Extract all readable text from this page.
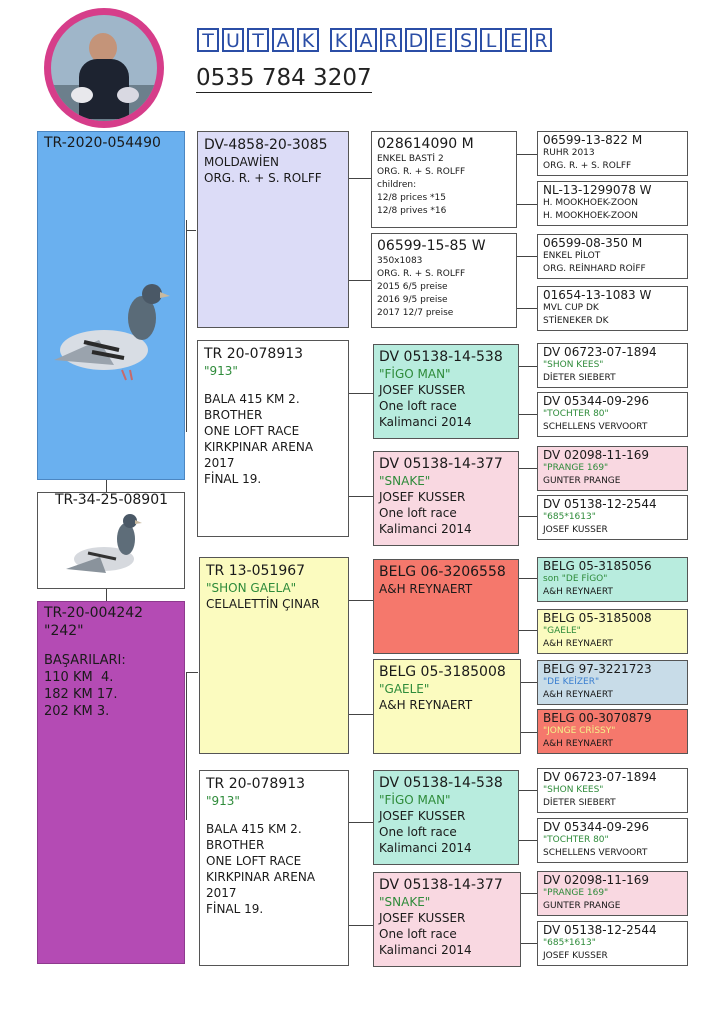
T U T A K K A R D E S L E R
0535 784 3207
TR-2020-054490
TR-34-25-08901
TR-20-004242
"242"
BAŞARILARI:
110 KM  4.
182 KM 17.
202 KM 3.
DV-4858-20-3085
MOLDAWİEN
ORG. R. + S. ROLFF
TR 20-078913
"913"
BALA 415 KM 2.
BROTHER
ONE LOFT RACE
KIRKPINAR ARENA
2017
FİNAL 19.
TR 13-051967
"SHON GAELA"
CELALETTİN ÇINAR
TR 20-078913
"913"
BALA 415 KM 2.
BROTHER
ONE LOFT RACE
KIRKPINAR ARENA
2017
FİNAL 19.
028614090 M
ENKEL BASTİ 2
ORG. R. + S. ROLFF
children:
12/8 prices *15
12/8 prives *16
06599-15-85 W
350x1083
ORG. R. + S. ROLFF
2015 6/5 preise
2016 9/5 preise
2017 12/7 preise
DV 05138-14-538
"FİGO MAN"
JOSEF KUSSER
One loft race
Kalimanci 2014
DV 05138-14-377
"SNAKE"
JOSEF KUSSER
One loft race
Kalimanci 2014
BELG 06-3206558
A&H REYNAERT
BELG 05-3185008
"GAELE"
A&H REYNAERT
DV 05138-14-538
"FİGO MAN"
JOSEF KUSSER
One loft race
Kalimanci 2014
DV 05138-14-377
"SNAKE"
JOSEF KUSSER
One loft race
Kalimanci 2014
06599-13-822 M
RUHR 2013
ORG. R. + S. ROLFF
NL-13-1299078 W
H. MOOKHOEK-ZOON
H. MOOKHOEK-ZOON
06599-08-350 M
ENKEL PİLOT
ORG. REİNHARD ROİFF
01654-13-1083 W
MVL CUP DK
STİENEKER DK
DV 06723-07-1894
"SHON KEES"
DİETER SIEBERT
DV 05344-09-296
"TOCHTER 80"
SCHELLENS VERVOORT
DV 02098-11-169
"PRANGE 169"
GUNTER PRANGE
DV 05138-12-2544
"685*1613"
JOSEF KUSSER
BELG 05-3185056
son "DE FİGO"
A&H REYNAERT
BELG 05-3185008
"GAELE"
A&H REYNAERT
BELG 97-3221723
"DE KEİZER"
A&H REYNAERT
BELG 00-3070879
"JONGE CRİSSY"
A&H REYNAERT
DV 06723-07-1894
"SHON KEES"
DİETER SIEBERT
DV 05344-09-296
"TOCHTER 80"
SCHELLENS VERVOORT
DV 02098-11-169
"PRANGE 169"
GUNTER PRANGE
DV 05138-12-2544
"685*1613"
JOSEF KUSSER
